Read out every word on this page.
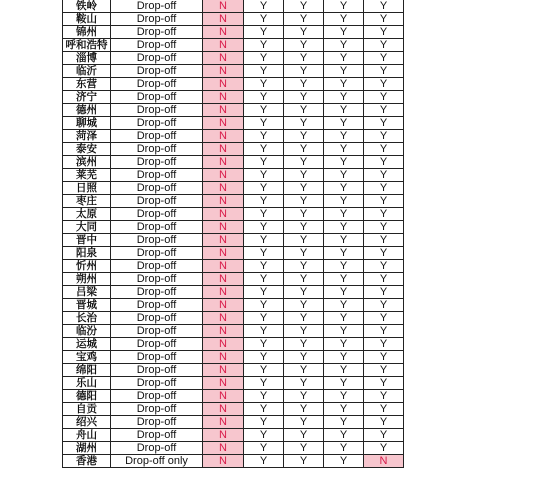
铁岭	Drop-off	N	Y	Y	Y	Y
鞍山	Drop-off	N	Y	Y	Y	Y
锦州	Drop-off	N	Y	Y	Y	Y
呼和浩特	Drop-off	N	Y	Y	Y	Y
淄博	Drop-off	N	Y	Y	Y	Y
临沂	Drop-off	N	Y	Y	Y	Y
东营	Drop-off	N	Y	Y	Y	Y
济宁	Drop-off	N	Y	Y	Y	Y
德州	Drop-off	N	Y	Y	Y	Y
聊城	Drop-off	N	Y	Y	Y	Y
菏泽	Drop-off	N	Y	Y	Y	Y
泰安	Drop-off	N	Y	Y	Y	Y
滨州	Drop-off	N	Y	Y	Y	Y
莱芜	Drop-off	N	Y	Y	Y	Y
日照	Drop-off	N	Y	Y	Y	Y
枣庄	Drop-off	N	Y	Y	Y	Y
太原	Drop-off	N	Y	Y	Y	Y
大同	Drop-off	N	Y	Y	Y	Y
晋中	Drop-off	N	Y	Y	Y	Y
阳泉	Drop-off	N	Y	Y	Y	Y
忻州	Drop-off	N	Y	Y	Y	Y
朔州	Drop-off	N	Y	Y	Y	Y
吕梁	Drop-off	N	Y	Y	Y	Y
晋城	Drop-off	N	Y	Y	Y	Y
长治	Drop-off	N	Y	Y	Y	Y
临汾	Drop-off	N	Y	Y	Y	Y
运城	Drop-off	N	Y	Y	Y	Y
宝鸡	Drop-off	N	Y	Y	Y	Y
绵阳	Drop-off	N	Y	Y	Y	Y
乐山	Drop-off	N	Y	Y	Y	Y
德阳	Drop-off	N	Y	Y	Y	Y
自贡	Drop-off	N	Y	Y	Y	Y
绍兴	Drop-off	N	Y	Y	Y	Y
舟山	Drop-off	N	Y	Y	Y	Y
湖州	Drop-off	N	Y	Y	Y	Y
香港	Drop-off only	N	Y	Y	Y	N
